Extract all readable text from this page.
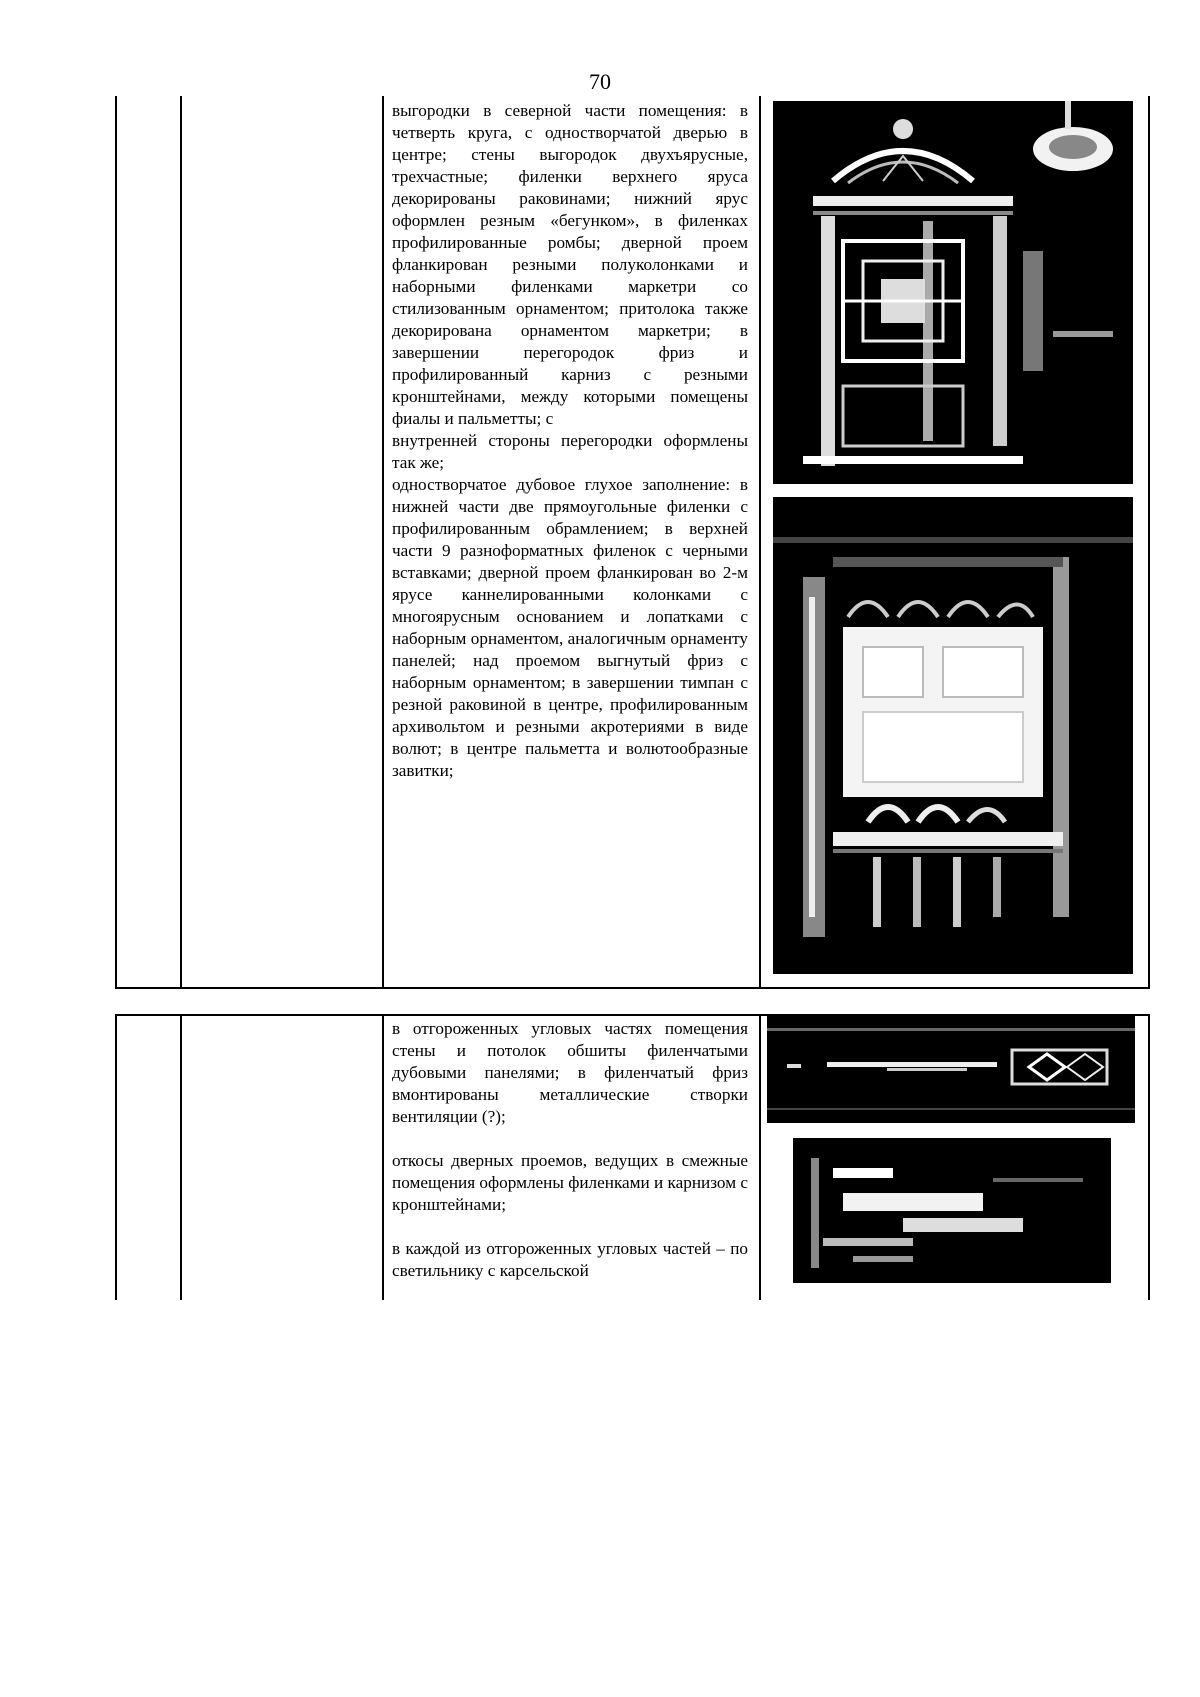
70

выгородки в северной части помещения: в четверть круга, с одностворчатой дверью в центре; стены выгородок двухъярусные, трехчастные; филенки верхнего яруса декорированы раковинами; нижний ярус оформлен резным «бегунком», в филенках профилированные ромбы; дверной проем фланкирован резными полуколонками и наборными филенками маркетри со стилизованным орнаментом; притолока также декорирована орнаментом маркетри; в завершении перегородок фриз и профилированный карниз с резными кронштейнами, между которыми помещены фиалы и пальметты; с

внутренней стороны перегородки оформлены так же;

одностворчатое дубовое глухое заполнение: в нижней части две прямоугольные филенки с профилированным обрамлением; в верхней части 9 разноформатных филенок с черными вставками; дверной проем фланкирован во 2-м ярусе каннелированными колонками с многоярусным основанием и лопатками с наборным орнаментом, аналогичным орнаменту панелей; над проемом выгнутый фриз с наборным орнаментом; в завершении тимпан с резной раковиной в центре, профилированным архивольтом и резными акротериями в виде волют; в центре пальметта и волютообразные завитки;

в отгороженных угловых частях помещения стены и потолок обшиты филенчатыми дубовыми панелями; в филенчатый фриз вмонтированы металлические створки вентиляции (?);

откосы дверных проемов, ведущих в смежные помещения оформлены филенками и карнизом с кронштейнами;

в каждой из отгороженных угловых частей – по светильнику с карсельской
